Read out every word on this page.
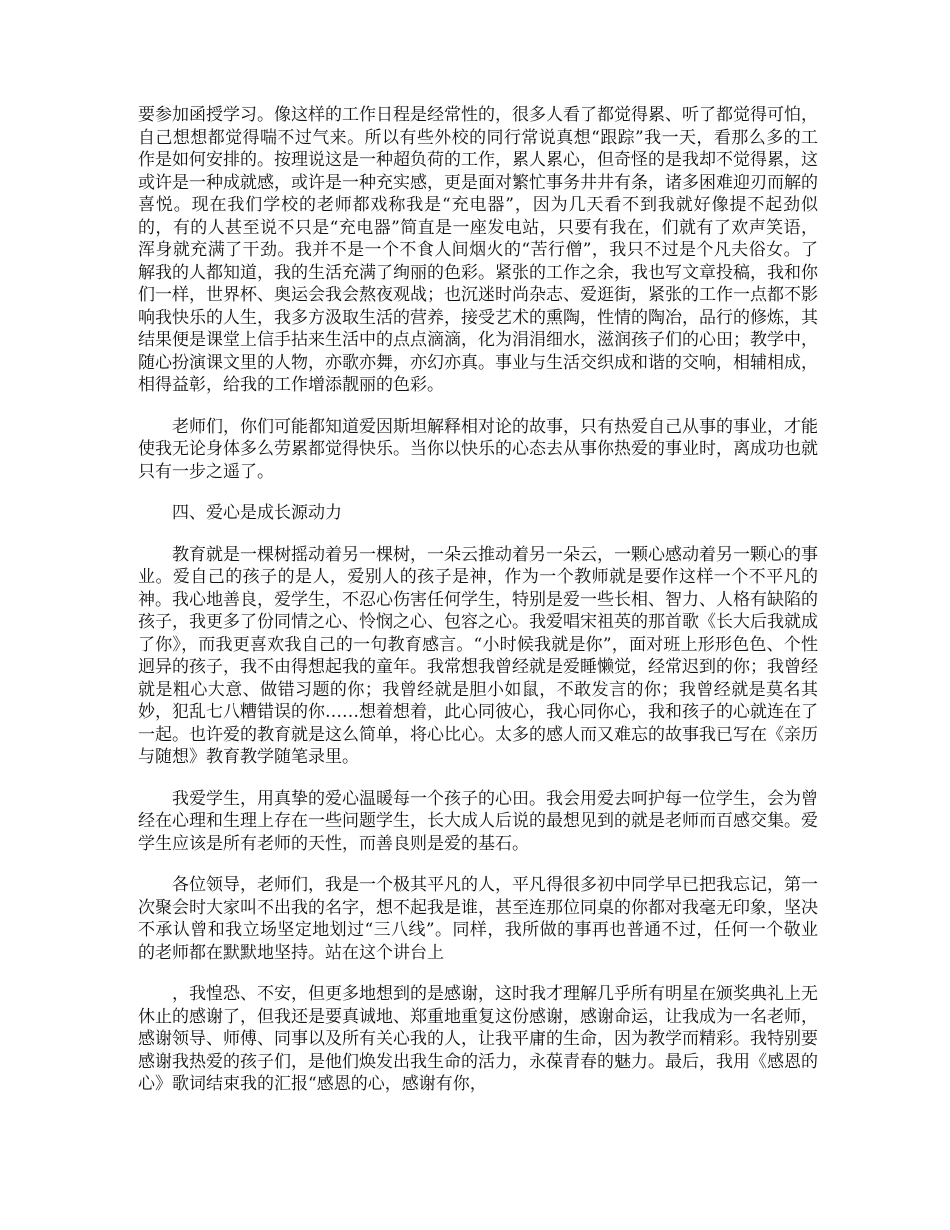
要参加函授学习。像这样的工作日程是经常性的，很多人看了都觉得累、听了都觉得可怕，自己想想都觉得喘不过气来。所以有些外校的同行常说真想“跟踪”我一天，看那么多的工作是如何安排的。按理说这是一种超负荷的工作，累人累心，但奇怪的是我却不觉得累，这或许是一种成就感，或许是一种充实感，更是面对繁忙事务井井有条，诸多困难迎刃而解的喜悦。现在我们学校的老师都戏称我是“充电器”，因为几天看不到我就好像提不起劲似的，有的人甚至说不只是“充电器”简直是一座发电站，只要有我在，们就有了欢声笑语，浑身就充满了干劲。我并不是一个不食人间烟火的“苦行僧”，我只不过是个凡夫俗女。了解我的人都知道，我的生活充满了绚丽的色彩。紧张的工作之余，我也写文章投稿，我和你们一样，世界杯、奥运会我会熬夜观战；也沉迷时尚杂志、爱逛街，紧张的工作一点都不影响我快乐的人生，我多方汲取生活的营养，接受艺术的熏陶，性情的陶冶，品行的修炼，其结果便是课堂上信手拈来生活中的点点滴滴，化为涓涓细水，滋润孩子们的心田；教学中，随心扮演课文里的人物，亦歌亦舞，亦幻亦真。事业与生活交织成和谐的交响，相辅相成，相得益彰，给我的工作增添靓丽的色彩。

老师们，你们可能都知道爱因斯坦解释相对论的故事，只有热爱自己从事的事业，才能使我无论身体多么劳累都觉得快乐。当你以快乐的心态去从事你热爱的事业时，离成功也就只有一步之遥了。

四、爱心是成长源动力

教育就是一棵树摇动着另一棵树，一朵云推动着另一朵云，一颗心感动着另一颗心的事业。爱自己的孩子的是人，爱别人的孩子是神，作为一个教师就是要作这样一个不平凡的神。我心地善良，爱学生，不忍心伤害任何学生，特别是爱一些长相、智力、人格有缺陷的孩子，我更多了份同情之心、怜悯之心、包容之心。我爱唱宋祖英的那首歌《长大后我就成了你》，而我更喜欢我自己的一句教育感言。“小时候我就是你”，面对班上形形色色、个性迥异的孩子，我不由得想起我的童年。我常想我曾经就是爱睡懒觉，经常迟到的你；我曾经就是粗心大意、做错习题的你；我曾经就是胆小如鼠，不敢发言的你；我曾经就是莫名其妙，犯乱七八糟错误的你……想着想着，此心同彼心，我心同你心，我和孩子的心就连在了一起。也许爱的教育就是这么简单，将心比心。太多的感人而又难忘的故事我已写在《亲历与随想》教育教学随笔录里。

我爱学生，用真挚的爱心温暖每一个孩子的心田。我会用爱去呵护每一位学生，会为曾经在心理和生理上存在一些问题学生，长大成人后说的最想见到的就是老师而百感交集。爱学生应该是所有老师的天性，而善良则是爱的基石。

各位领导，老师们，我是一个极其平凡的人，平凡得很多初中同学早已把我忘记，第一次聚会时大家叫不出我的名字，想不起我是谁，甚至连那位同桌的你都对我毫无印象，坚决不承认曾和我立场坚定地划过“三八线”。同样，我所做的事再也普通不过，任何一个敬业的老师都在默默地坚持。站在这个讲台上

，我惶恐、不安，但更多地想到的是感谢，这时我才理解几乎所有明星在颁奖典礼上无休止的感谢了，但我还是要真诚地、郑重地重复这份感谢，感谢命运，让我成为一名老师，感谢领导、师傅、同事以及所有关心我的人，让我平庸的生命，因为教学而精彩。我特别要感谢我热爱的孩子们，是他们焕发出我生命的活力，永葆青春的魅力。最后，我用《感恩的心》歌词结束我的汇报“感恩的心，感谢有你，
